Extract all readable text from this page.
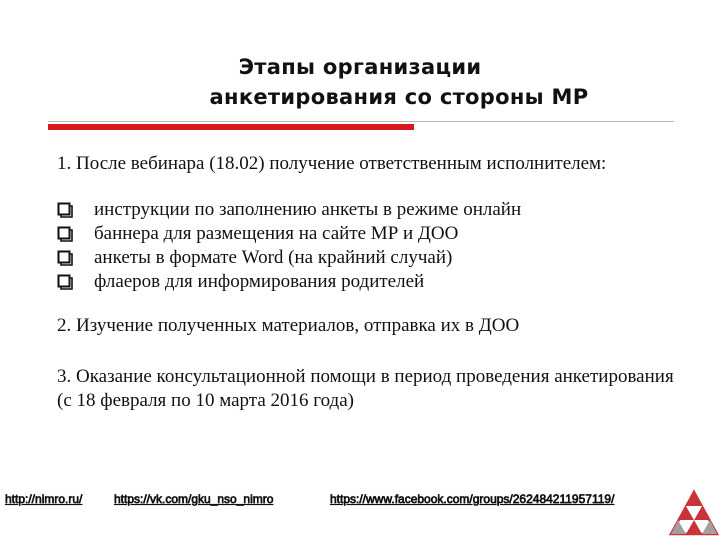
Этапы организации
анкетирования со стороны МР

1. После вебинара (18.02) получение ответственным исполнителем:

инструкции по заполнению анкеты в режиме онлайн
баннера для размещения на сайте МР и ДОО
анкеты в формате Word (на крайний случай)
флаеров для информирования родителей

2. Изучение полученных материалов, отправка их в ДОО

3. Оказание консультационной помощи в период проведения анкетирования (с 18 февраля по 10 марта 2016 года)

http://nimro.ru/	https://vk.com/gku_nso_nimro	https://www.facebook.com/groups/262484211957119/
